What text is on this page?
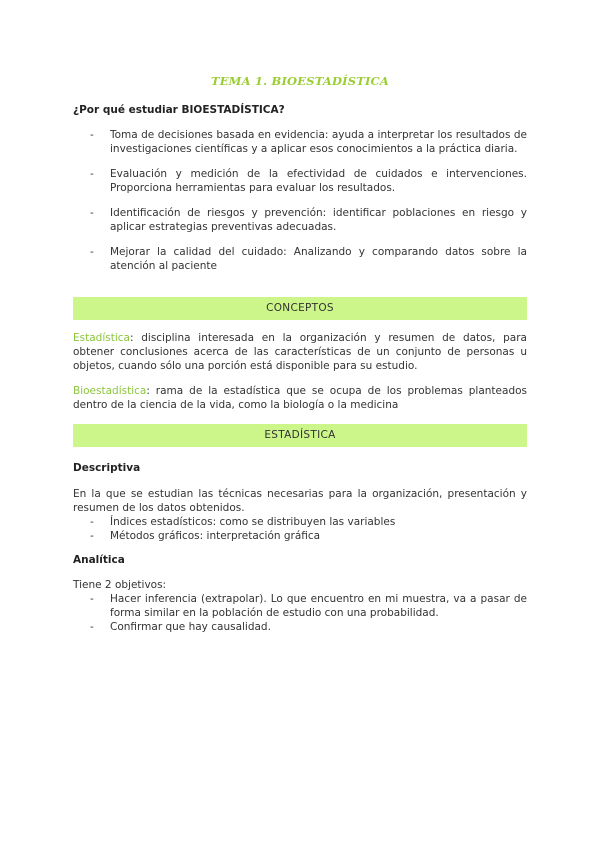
TEMA 1. BIOESTADÍSTICA
¿Por qué estudiar BIOESTADÍSTICA?
- Toma de decisiones basada en evidencia: ayuda a interpretar los resultados de investigaciones científicas y a aplicar esos conocimientos a la práctica diaria.
- Evaluación y medición de la efectividad de cuidados e intervenciones. Proporciona herramientas para evaluar los resultados.
- Identificación de riesgos y prevención: identificar poblaciones en riesgo y aplicar estrategias preventivas adecuadas.
- Mejorar la calidad del cuidado: Analizando y comparando datos sobre la atención al paciente
CONCEPTOS

Estadística: disciplina interesada en la organización y resumen de datos, para obtener conclusiones acerca de las características de un conjunto de personas u objetos, cuando sólo una porción está disponible para su estudio.

Bioestadística: rama de la estadística que se ocupa de los problemas planteados dentro de la ciencia de la vida, como la biología o la medicina

ESTADÍSTICA
Descriptiva

En la que se estudian las técnicas necesarias para la organización, presentación y resumen de los datos obtenidos.

- Índices estadísticos: como se distribuyen las variables
- Métodos gráficos: interpretación gráfica
Analítica

Tiene 2 objetivos:

- Hacer inferencia (extrapolar). Lo que encuentro en mi muestra, va a pasar de forma similar en la población de estudio con una probabilidad.
- Confirmar que hay causalidad.
